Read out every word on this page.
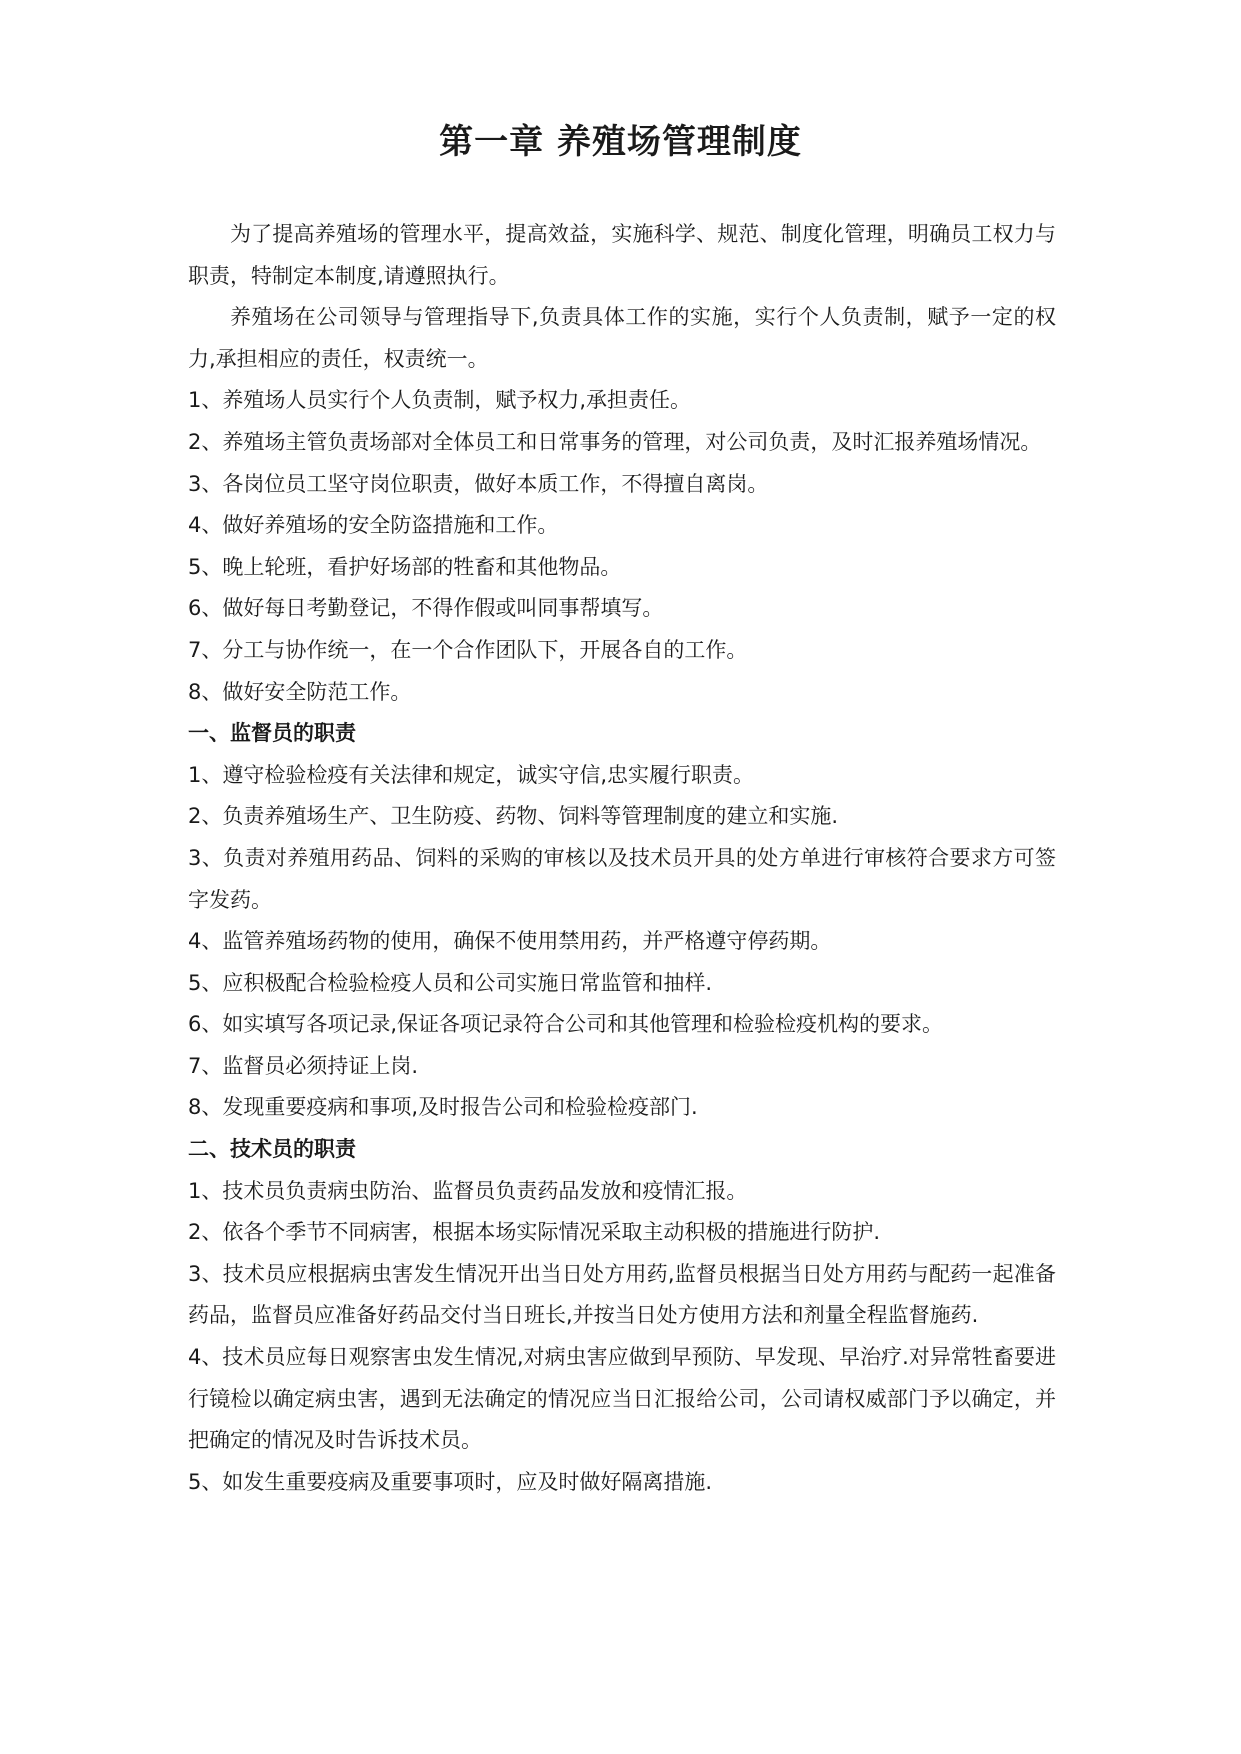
第一章 养殖场管理制度

为了提高养殖场的管理水平，提高效益，实施科学、规范、制度化管理，明确员工权力与职责，特制定本制度,请遵照执行。

养殖场在公司领导与管理指导下,负责具体工作的实施，实行个人负责制，赋予一定的权力,承担相应的责任，权责统一。

1、养殖场人员实行个人负责制，赋予权力,承担责任。

2、养殖场主管负责场部对全体员工和日常事务的管理，对公司负责，及时汇报养殖场情况。

3、各岗位员工坚守岗位职责，做好本质工作，不得擅自离岗。

4、做好养殖场的安全防盗措施和工作。

5、晚上轮班，看护好场部的牲畜和其他物品。

6、做好每日考勤登记，不得作假或叫同事帮填写。

7、分工与协作统一，在一个合作团队下，开展各自的工作。

8、做好安全防范工作。

一、监督员的职责

1、遵守检验检疫有关法律和规定，诚实守信,忠实履行职责。

2、负责养殖场生产、卫生防疫、药物、饲料等管理制度的建立和实施.

3、负责对养殖用药品、饲料的采购的审核以及技术员开具的处方单进行审核符合要求方可签字发药。

4、监管养殖场药物的使用，确保不使用禁用药，并严格遵守停药期。

5、应积极配合检验检疫人员和公司实施日常监管和抽样.

6、如实填写各项记录,保证各项记录符合公司和其他管理和检验检疫机构的要求。

7、监督员必须持证上岗.

8、发现重要疫病和事项,及时报告公司和检验检疫部门.

二、技术员的职责

1、技术员负责病虫防治、监督员负责药品发放和疫情汇报。

2、依各个季节不同病害，根据本场实际情况采取主动积极的措施进行防护.

3、技术员应根据病虫害发生情况开出当日处方用药,监督员根据当日处方用药与配药一起准备药品，监督员应准备好药品交付当日班长,并按当日处方使用方法和剂量全程监督施药.

4、技术员应每日观察害虫发生情况,对病虫害应做到早预防、早发现、早治疗.对异常牲畜要进行镜检以确定病虫害，遇到无法确定的情况应当日汇报给公司，公司请权威部门予以确定，并把确定的情况及时告诉技术员。

5、如发生重要疫病及重要事项时，应及时做好隔离措施.
